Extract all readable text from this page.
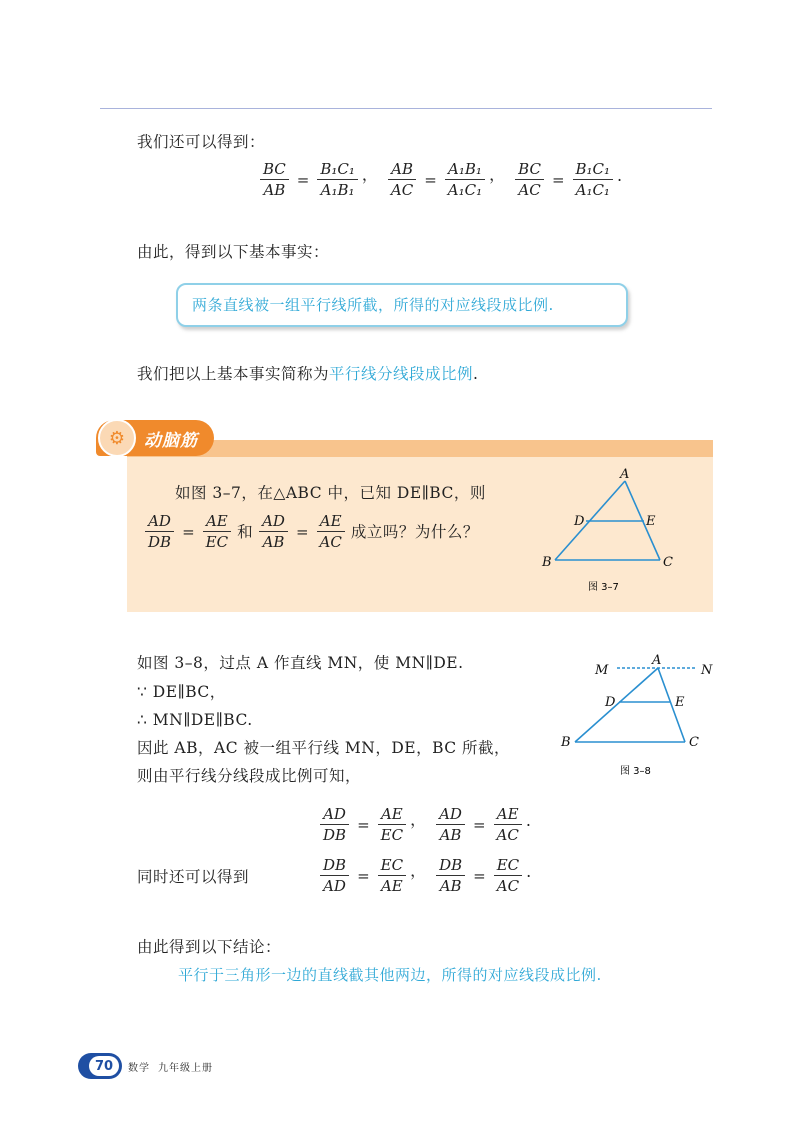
我们还可以得到：
$\frac{BC}{AB} = \frac{\text{B₁C₁}}{\text{A₁B₁}}$ ， $\frac{AB}{AC} = \frac{\text{A₁B₁}}{\text{A₁C₁}}$ ， $\frac{BC}{AC} = \frac{\text{B₁C₁}}{\text{A₁C₁}}$ .
由此，得到以下基本事实：
两条直线被一组平行线所截，所得的对应线段成比例.
我们把以上基本事实简称为平行线分线段成比例.
⚙	动脑筋
如图 3–7，在△ABC 中，已知 DE∥BC，则
$\frac{AD}{DB} = \frac{AE}{EC}$ 和 $\frac{AD}{AB} = \frac{AE}{AC}$ 成立吗？为什么？
A
B	C
D	E
图 3–7
如图 3–8，过点 A 作直线 MN，使 MN∥DE.
∵ DE∥BC，
∴ MN∥DE∥BC.
因此 AB，AC 被一组平行线 MN，DE，BC 所截，
则由平行线分线段成比例可知，
M
A
N
D	E
B	C
图 3–8
$\frac{AD}{DB} = \frac{AE}{EC}$ ， $\frac{AD}{AB} = \frac{AE}{AC}$ .
同时还可以得到	$\frac{DB}{AD} = \frac{EC}{AE}$ ， $\frac{DB}{AB} = \frac{EC}{AC}$ .
由此得到以下结论：
平行于三角形一边的直线截其他两边，所得的对应线段成比例.
70	数学 九年级上册
